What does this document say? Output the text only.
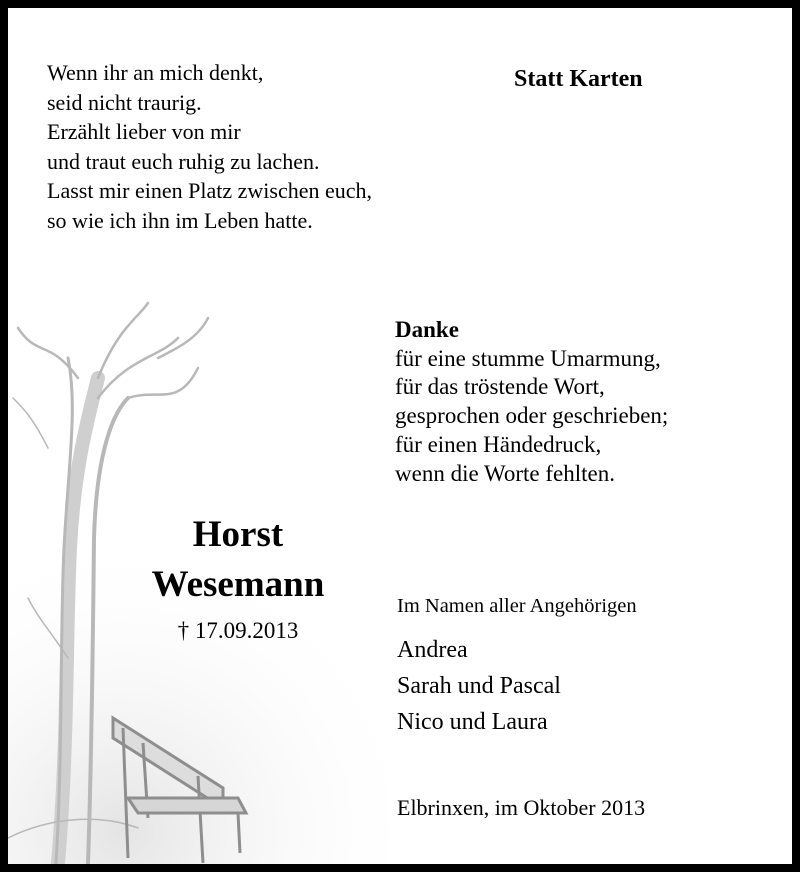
Wenn ihr an mich denkt,
seid nicht traurig.
Erzählt lieber von mir
und traut euch ruhig zu lachen.
Lasst mir einen Platz zwischen euch,
so wie ich ihn im Leben hatte.
Statt Karten
Danke
für eine stumme Umarmung,
für das tröstende Wort,
gesprochen oder geschrieben;
für einen Händedruck,
wenn die Worte fehlten.
Horst
Wesemann
† 17.09.2013
Im Namen aller Angehörigen
Andrea
Sarah und Pascal
Nico und Laura
Elbrinxen, im Oktober 2013
